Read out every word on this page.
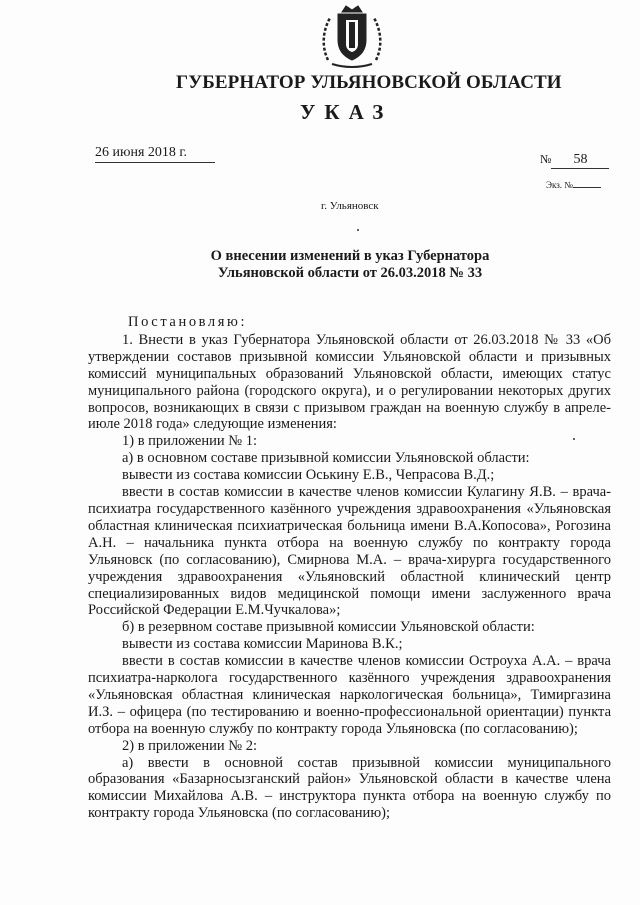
ГУБЕРНАТОР УЛЬЯНОВСКОЙ ОБЛАСТИ
УКАЗ
26 июня 2018 г.	№ 58
Экз. №
г. Ульяновск
О внесении изменений в указ Губернатора
Ульяновской области от 26.03.2018 № 33

Постановляю:

1. Внести в указ Губернатора Ульяновской области от 26.03.2018 № 33 «Об утверждении составов призывной комиссии Ульяновской области и призывных комиссий муниципальных образований Ульяновской области, имеющих статус муниципального района (городского округа), и о регулировании некоторых других вопросов, возникающих в связи с призывом граждан на военную службу в апреле-июле 2018 года» следующие изменения:

1) в приложении № 1:

а) в основном составе призывной комиссии Ульяновской области:

вывести из состава комиссии Оськину Е.В., Чепрасова В.Д.;

ввести в состав комиссии в качестве членов комиссии Кулагину Я.В. – врача-психиатра государственного казённого учреждения здравоохранения «Ульяновская областная клиническая психиатрическая больница имени В.А.Копосова», Рогозина А.Н. – начальника пункта отбора на военную службу по контракту города Ульяновск (по согласованию), Смирнова М.А. – врача-хирурга государственного учреждения здравоохранения «Ульяновский областной клинический центр специализированных видов медицинской помощи имени заслуженного врача Российской Федерации Е.М.Чучкалова»;

б) в резервном составе призывной комиссии Ульяновской области:

вывести из состава комиссии Маринова В.К.;

ввести в состав комиссии в качестве членов комиссии Остроуха А.А. – врача психиатра-нарколога государственного казённого учреждения здравоохранения «Ульяновская областная клиническая наркологическая больница», Тимиргазина И.З. – офицера (по тестированию и военно-профессиональной ориентации) пункта отбора на военную службу по контракту города Ульяновска (по согласованию);

2) в приложении № 2:

а) ввести в основной состав призывной комиссии муниципального образования «Базарносызганский район» Ульяновской области в качестве члена комиссии Михайлова А.В. – инструктора пункта отбора на военную службу по контракту города Ульяновска (по согласованию);
